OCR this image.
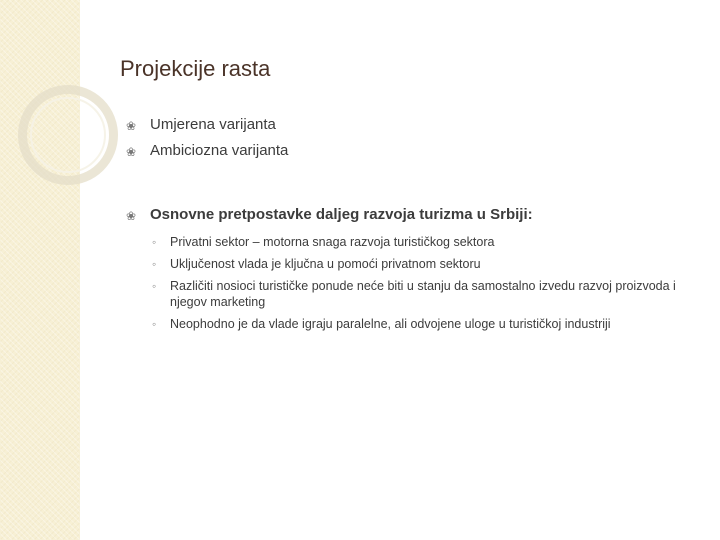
Projekcije rasta
❀ Umjerena varijanta
❀ Ambiciozna varijanta
❀ Osnovne pretpostavke daljeg razvoja turizma u Srbiji:
◦ Privatni sektor – motorna snaga razvoja turističkog sektora
◦ Uključenost vlada je ključna u pomoći privatnom sektoru
◦ Različiti nosioci turističke ponude neće biti u stanju da samostalno izvedu razvoj proizvoda i njegov marketing
◦ Neophodno je da vlade igraju paralelne, ali odvojene uloge u turističkoj industriji
